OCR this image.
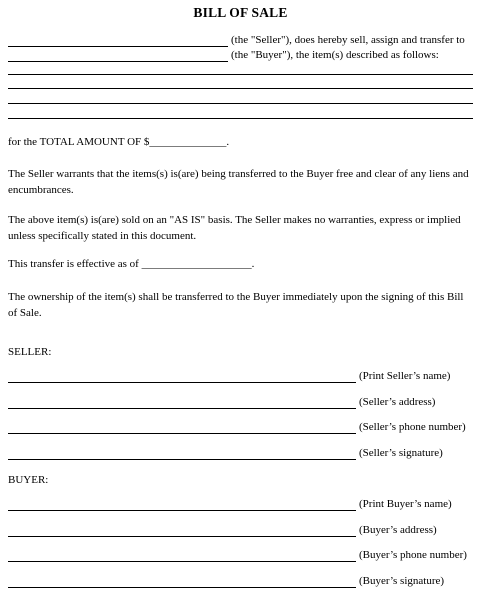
BILL OF SALE
(the "Seller"), does hereby sell, assign and transfer to
(the "Buyer"), the item(s) described as follows:
for the TOTAL AMOUNT OF $______________.
The Seller warrants that the items(s) is(are) being transferred to the Buyer free and clear of any liens and encumbrances.
The above item(s) is(are) sold on an "AS IS" basis. The Seller makes no warranties, express or implied unless specifically stated in this document.
This transfer is effective as of ____________________.
The ownership of the item(s) shall be transferred to the Buyer immediately upon the signing of this Bill of Sale.
SELLER:
(Print Seller’s name)
(Seller’s address)
(Seller’s phone number)
(Seller’s signature)
BUYER:
(Print Buyer’s name)
(Buyer’s address)
(Buyer’s phone number)
(Buyer’s signature)
